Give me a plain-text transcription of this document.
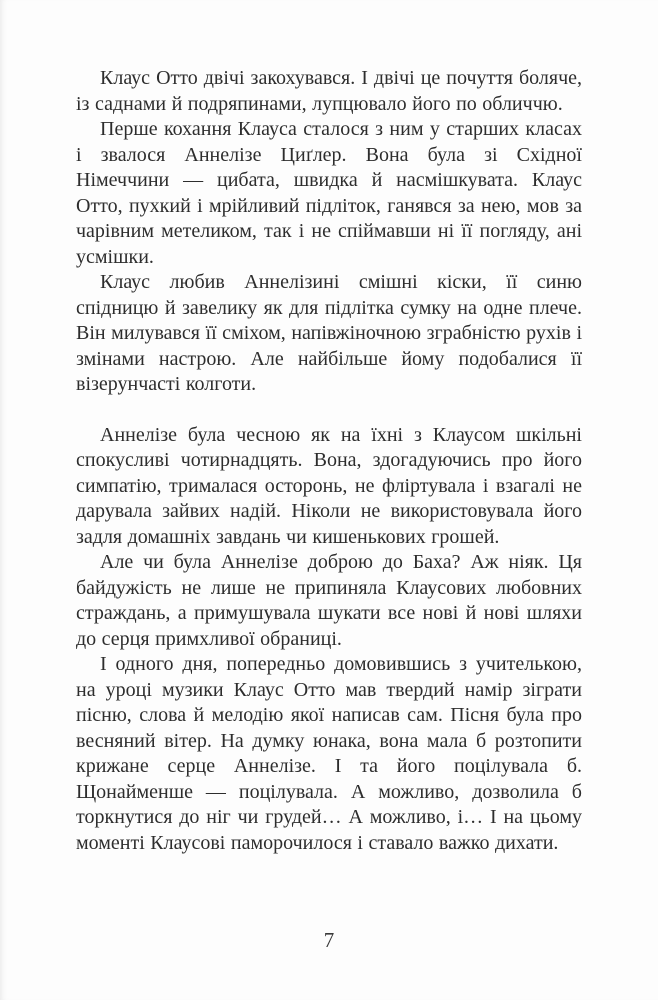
Клаус Отто двічі закохувався. І двічі це почуття боляче, із саднами й подряпинами, лупцювало його по обличчю.

Перше кохання Клауса сталося з ним у старших класах і звалося Аннелізе Циґлер. Вона була зі Східної Німеччини — цибата, швидка й насмішкувата. Клаус Отто, пухкий і мрійливий підліток, ганявся за нею, мов за чарівним метеликом, так і не спіймавши ні її погляду, ані усмішки.

Клаус любив Аннелізині смішні кіски, її синю спідницю й завелику як для підлітка сумку на одне плече. Він милувався її сміхом, напівжіночною зграбністю рухів і змінами настрою. Але найбільше йому подобалися її візерунчасті колготи.

Аннелізе була чесною як на їхні з Клаусом шкільні спокусливі чотирнадцять. Вона, здогадуючись про його симпатію, трималася осторонь, не фліртувала і взагалі не дарувала зайвих надій. Ніколи не використовувала його задля домашніх завдань чи кишенькових грошей.

Але чи була Аннелізе доброю до Баха? Аж ніяк. Ця байдужість не лише не припиняла Клаусових любовних страждань, а примушувала шукати все нові й нові шляхи до серця примхливої обраниці.

І одного дня, попередньо домовившись з учителькою, на уроці музики Клаус Отто мав твердий намір зіграти пісню, слова й мелодію якої написав сам. Пісня була про весняний вітер. На думку юнака, вона мала б розтопити крижане серце Аннелізе. І та його поцілувала б. Щонайменше — поцілувала. А можливо, дозволила б торкнутися до ніг чи грудей… А можливо, і… І на цьому моменті Клаусові паморочилося і ставало важко дихати.

7
